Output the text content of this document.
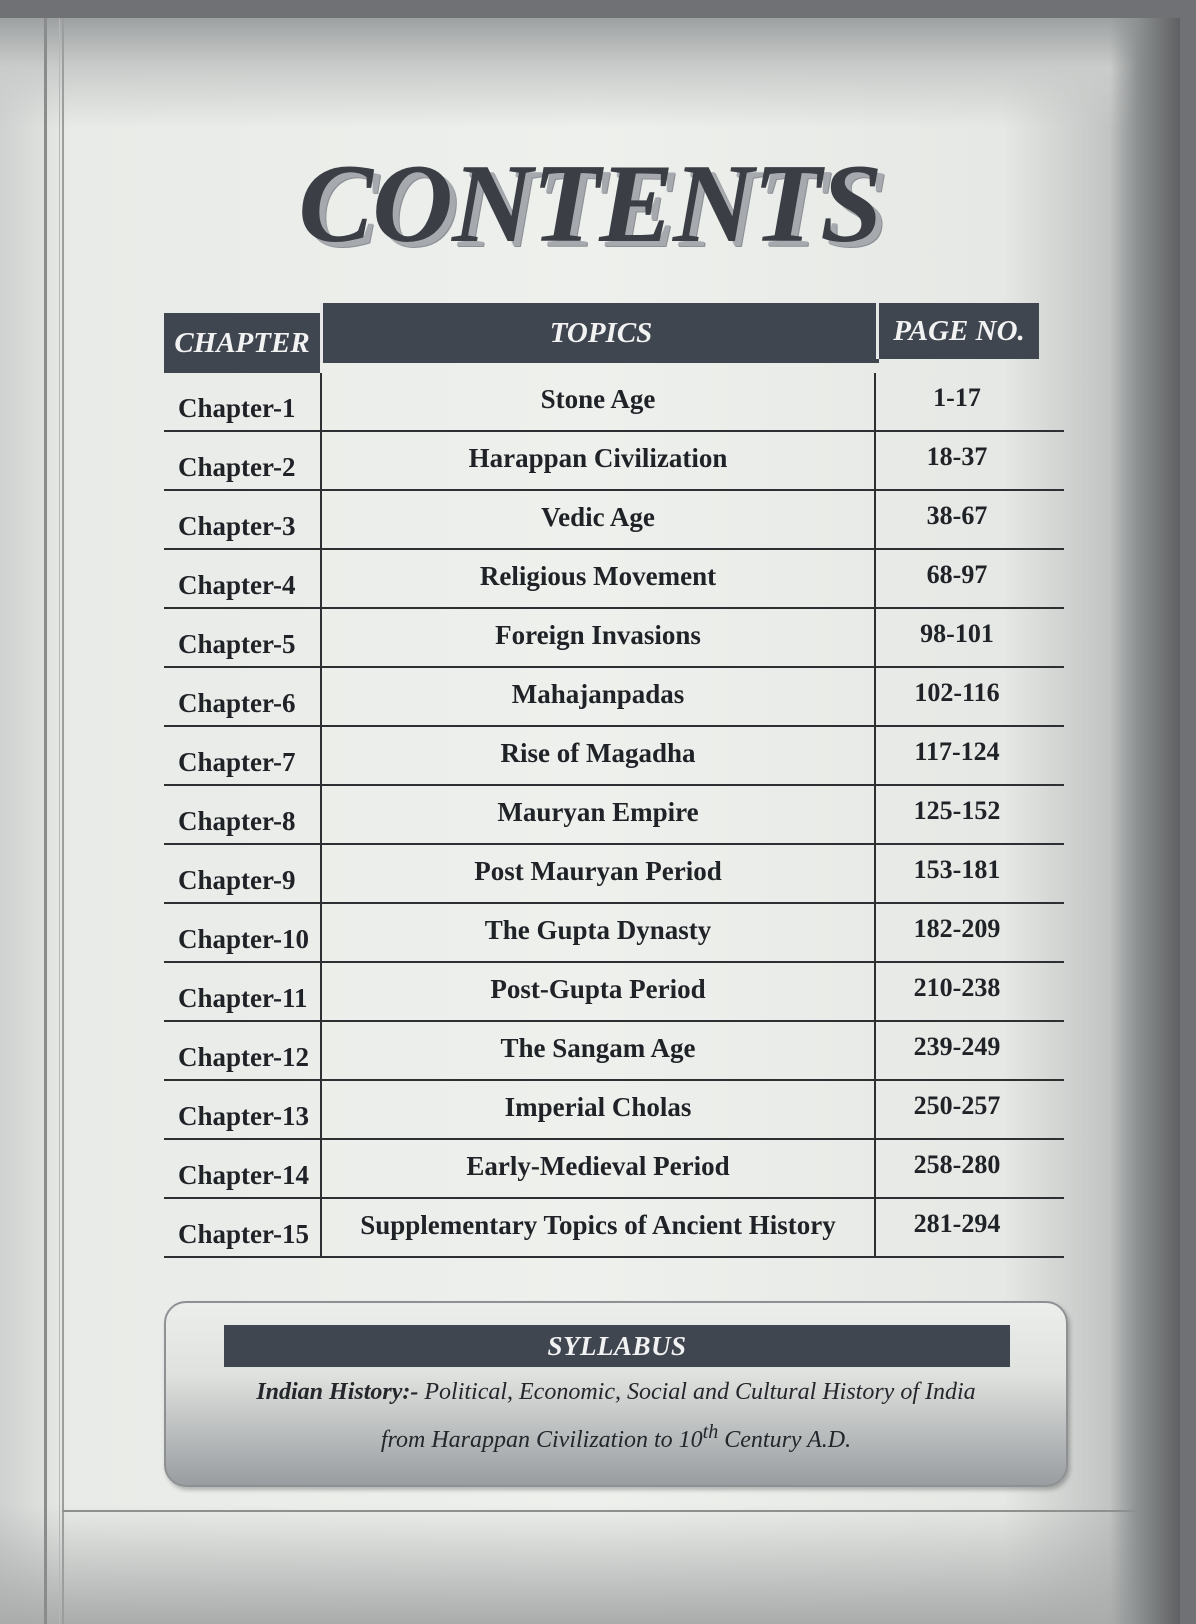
CONTENTS
CHAPTER	TOPICS	PAGE NO.
Chapter-1	Stone Age	1-17
Chapter-2	Harappan Civilization	18-37
Chapter-3	Vedic Age	38-67
Chapter-4	Religious Movement	68-97
Chapter-5	Foreign Invasions	98-101
Chapter-6	Mahajanpadas	102-116
Chapter-7	Rise of Magadha	117-124
Chapter-8	Mauryan Empire	125-152
Chapter-9	Post Mauryan Period	153-181
Chapter-10	The Gupta Dynasty	182-209
Chapter-11	Post-Gupta Period	210-238
Chapter-12	The Sangam Age	239-249
Chapter-13	Imperial Cholas	250-257
Chapter-14	Early-Medieval Period	258-280
Chapter-15	Supplementary Topics of Ancient History	281-294
SYLLABUS
Indian History:- Political, Economic, Social and Cultural History of India
from Harappan Civilization to 10th Century A.D.
